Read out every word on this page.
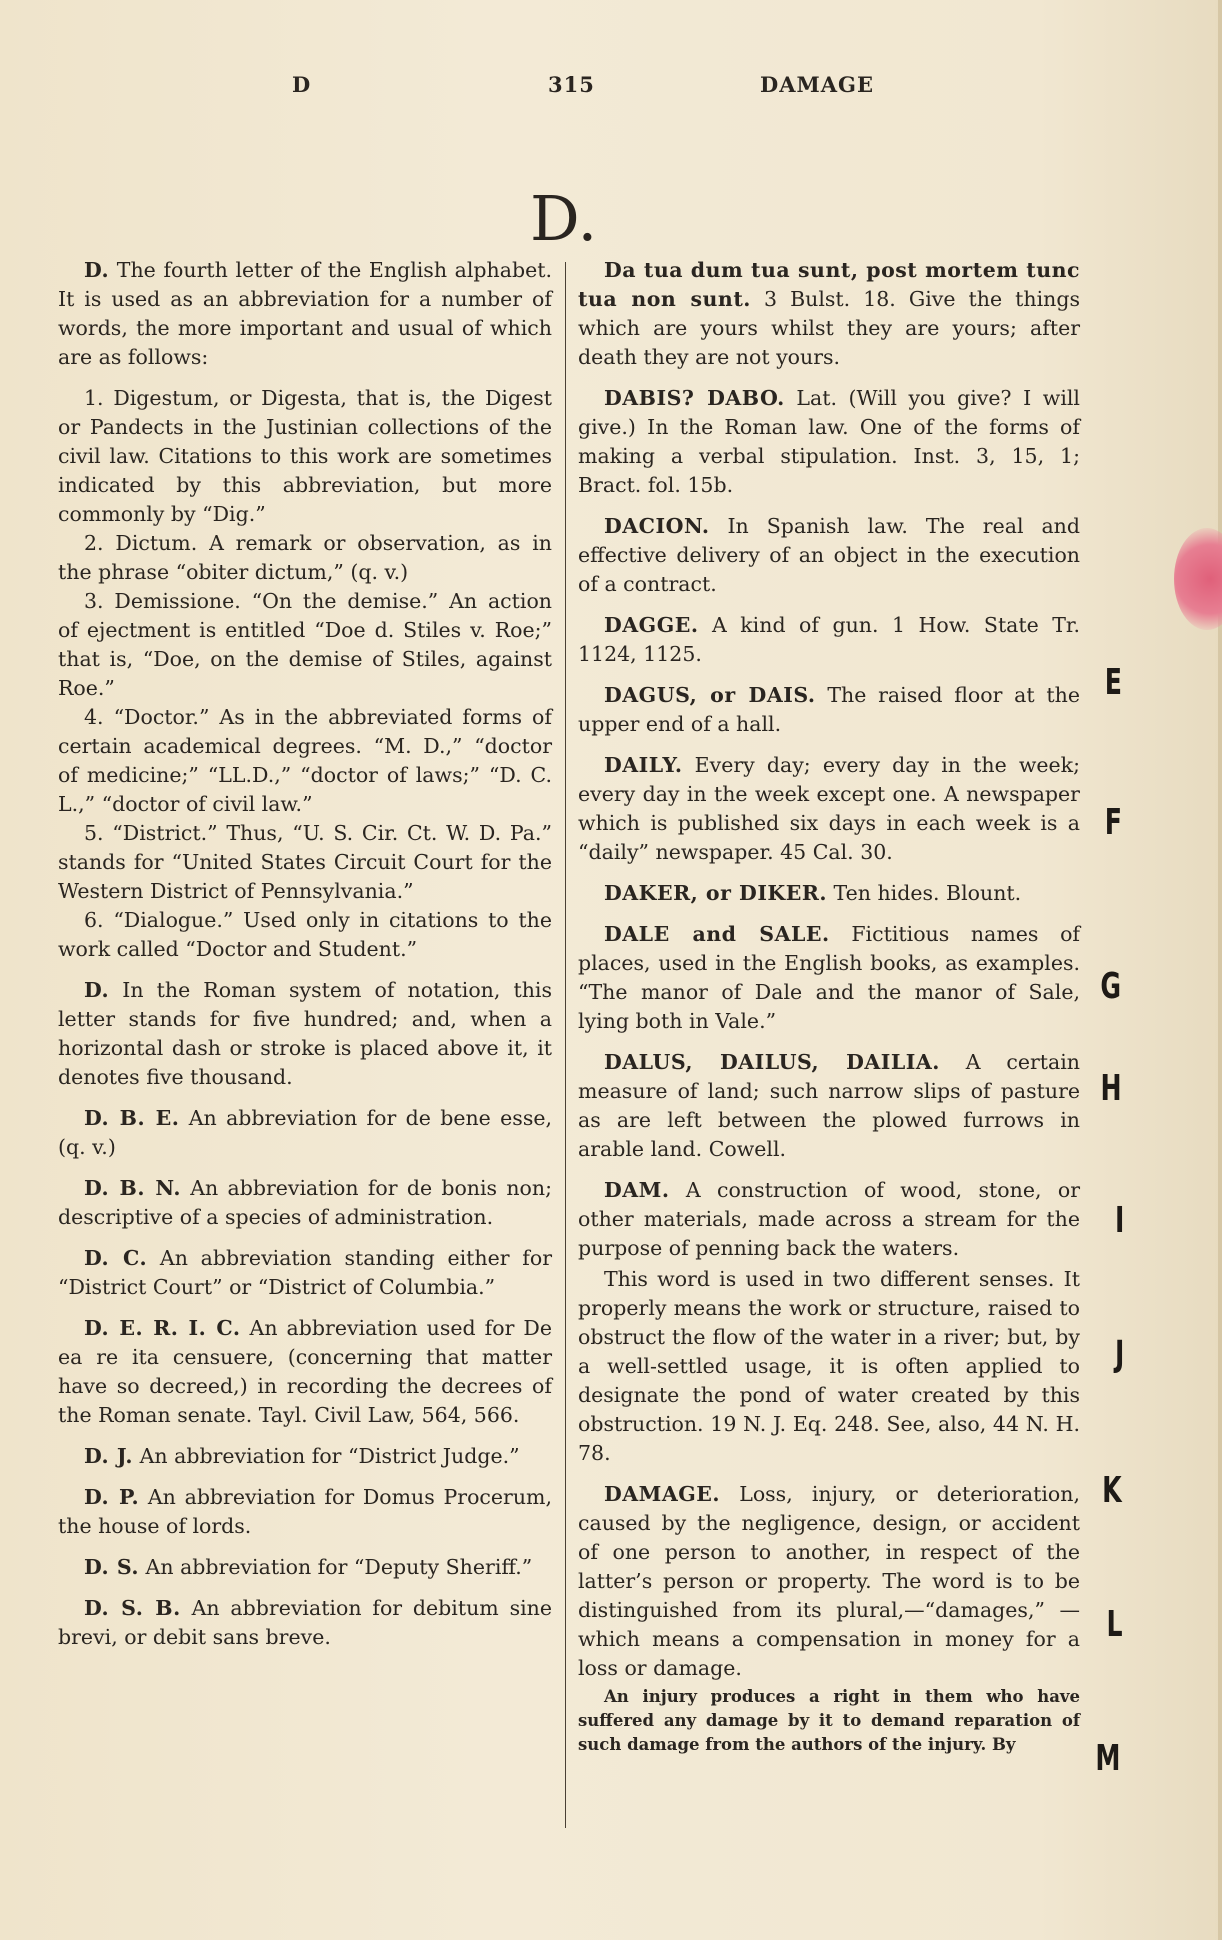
D	315	DAMAGE
D.

D. The fourth letter of the English alphabet. It is used as an abbreviation for a number of words, the more important and usual of which are as follows:

1. Digestum, or Digesta, that is, the Digest or Pandects in the Justinian collections of the civil law. Citations to this work are sometimes indicated by this abbreviation, but more commonly by “Dig.”

2. Dictum. A remark or observation, as in the phrase “obiter dictum,” (q. v.)

3. Demissione. “On the demise.” An action of ejectment is entitled “Doe d. Stiles v. Roe;” that is, “Doe, on the demise of Stiles, against Roe.”

4. “Doctor.” As in the abbreviated forms of certain academical degrees. “M. D.,” “doctor of medicine;” “LL.D.,” “doctor of laws;” “D. C. L.,” “doctor of civil law.”

5. “District.” Thus, “U. S. Cir. Ct. W. D. Pa.” stands for “United States Circuit Court for the Western District of Pennsylvania.”

6. “Dialogue.” Used only in citations to the work called “Doctor and Student.”

D. In the Roman system of notation, this letter stands for five hundred; and, when a horizontal dash or stroke is placed above it, it denotes five thousand.

D. B. E. An abbreviation for de bene esse, (q. v.)

D. B. N. An abbreviation for de bonis non; descriptive of a species of administration.

D. C. An abbreviation standing either for “District Court” or “District of Columbia.”

D. E. R. I. C. An abbreviation used for De ea re ita censuere, (concerning that matter have so decreed,) in recording the decrees of the Roman senate. Tayl. Civil Law, 564, 566.

D. J. An abbreviation for “District Judge.”

D. P. An abbreviation for Domus Procerum, the house of lords.

D. S. An abbreviation for “Deputy Sheriff.”

D. S. B. An abbreviation for debitum sine brevi, or debit sans breve.

Da tua dum tua sunt, post mortem tunc tua non sunt. 3 Bulst. 18. Give the things which are yours whilst they are yours; after death they are not yours.

DABIS? DABO. Lat. (Will you give? I will give.) In the Roman law. One of the forms of making a verbal stipulation. Inst. 3, 15, 1; Bract. fol. 15b.

DACION. In Spanish law. The real and effective delivery of an object in the execution of a contract.

DAGGE. A kind of gun. 1 How. State Tr. 1124, 1125.

DAGUS, or DAIS. The raised floor at the upper end of a hall.

DAILY. Every day; every day in the week; every day in the week except one. A newspaper which is published six days in each week is a “daily” newspaper. 45 Cal. 30.

DAKER, or DIKER. Ten hides. Blount.

DALE and SALE. Fictitious names of places, used in the English books, as examples. “The manor of Dale and the manor of Sale, lying both in Vale.”

DALUS, DAILUS, DAILIA. A certain measure of land; such narrow slips of pasture as are left between the plowed furrows in arable land. Cowell.

DAM. A construction of wood, stone, or other materials, made across a stream for the purpose of penning back the waters.

This word is used in two different senses. It properly means the work or structure, raised to obstruct the flow of the water in a river; but, by a well-settled usage, it is often applied to designate the pond of water created by this obstruction. 19 N. J. Eq. 248. See, also, 44 N. H. 78.

DAMAGE. Loss, injury, or deterioration, caused by the negligence, design, or accident of one person to another, in respect of the latter’s person or property. The word is to be distinguished from its plural,—“damages,” — which means a compensation in money for a loss or damage.

An injury produces a right in them who have suffered any damage by it to demand reparation of such damage from the authors of the injury. By

E
F
G
H
I
J
K
L
M
